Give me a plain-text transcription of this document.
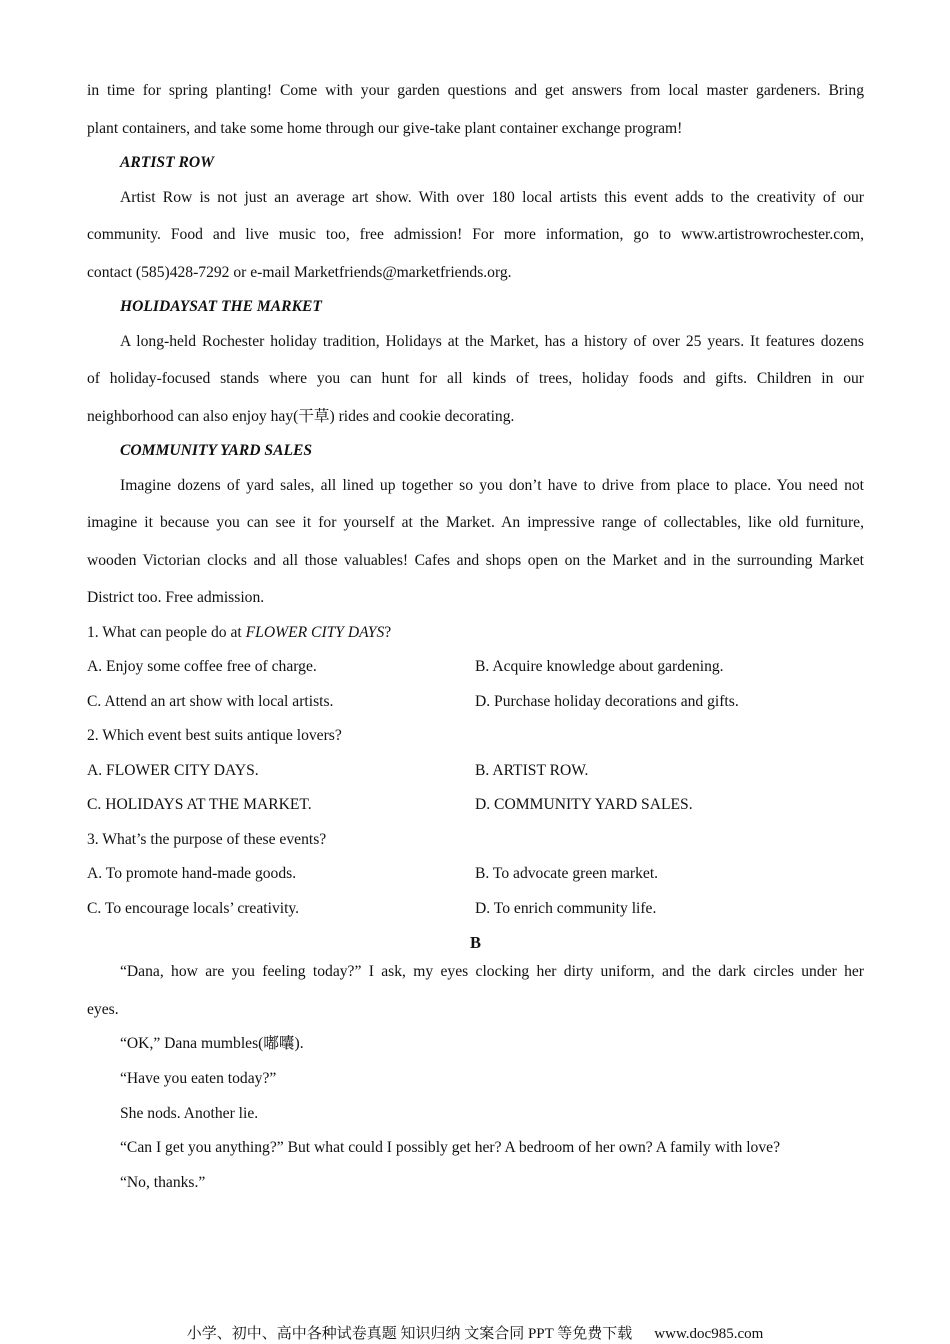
in time for spring planting! Come with your garden questions and get answers from local master gardeners. Bring
plant containers, and take some home through our give-take plant container exchange program!
ARTIST ROW
Artist Row is not just an average art show. With over 180 local artists this event adds to the creativity of our
community. Food and live music too, free admission! For more information, go to www.artistrowrochester.com,
contact (585)428-7292 or e-mail Marketfriends@marketfriends.org.
HOLIDAYSAT THE MARKET
A long-held Rochester holiday tradition, Holidays at the Market, has a history of over 25 years. It features dozens
of holiday-focused stands where you can hunt for all kinds of trees, holiday foods and gifts. Children in our
neighborhood can also enjoy hay(干草) rides and cookie decorating.
COMMUNITY YARD SALES
Imagine dozens of yard sales, all lined up together so you don’t have to drive from place to place. You need not
imagine it because you can see it for yourself at the Market. An impressive range of collectables, like old furniture,
wooden Victorian clocks and all those valuables! Cafes and shops open on the Market and in the surrounding Market
District too. Free admission.
1. What can people do at FLOWER CITY DAYS?
A. Enjoy some coffee free of charge.	B. Acquire knowledge about gardening.
C. Attend an art show with local artists.	D. Purchase holiday decorations and gifts.
2. Which event best suits antique lovers?
A. FLOWER CITY DAYS.	B. ARTIST ROW.
C. HOLIDAYS AT THE MARKET.	D. COMMUNITY YARD SALES.
3. What’s the purpose of these events?
A. To promote hand-made goods.	B. To advocate green market.
C. To encourage locals’ creativity.	D. To enrich community life.
B
“Dana, how are you feeling today?” I ask, my eyes clocking her dirty uniform, and the dark circles under her
eyes.
“OK,” Dana mumbles(嘟囔).
“Have you eaten today?”
She nods. Another lie.
“Can I get you anything?” But what could I possibly get her? A bedroom of her own? A family with love?
“No, thanks.”
小学、初中、高中各种试卷真题 知识归纳 文案合同 PPT 等免费下载 www.doc985.com
